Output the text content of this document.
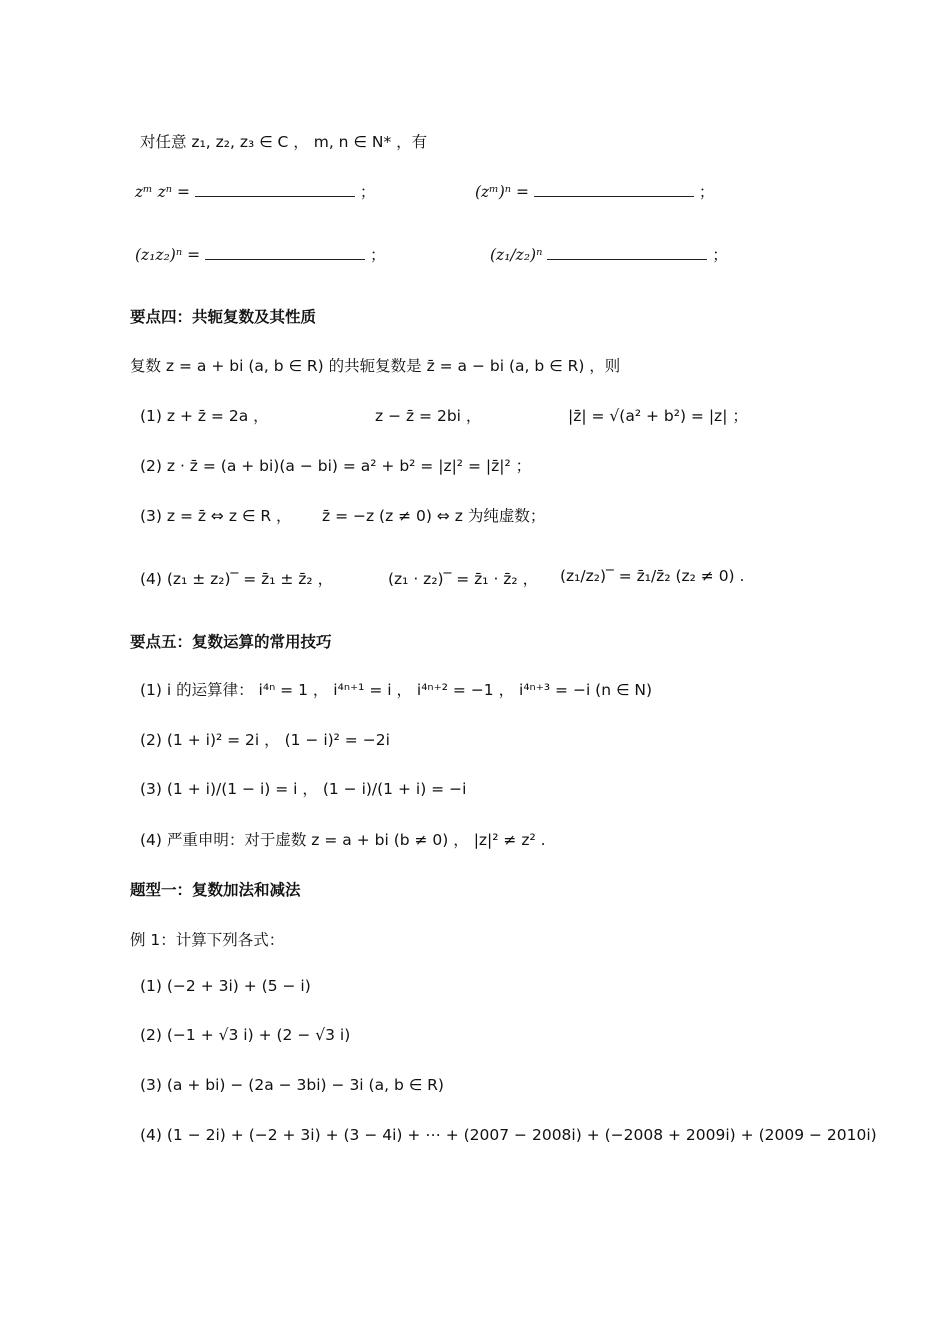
对任意 z₁, z₂, z₃ ∈ C ， m, n ∈ N* ，有
zᵐ zⁿ =	；	(zᵐ)ⁿ =	；
(z₁z₂)ⁿ =	；	(z₁/z₂)ⁿ	；
要点四：共轭复数及其性质
复数 z = a + bi (a, b ∈ R) 的共轭复数是 z̄ = a − bi (a, b ∈ R) ，则
(1) z + z̄ = 2a ，	z − z̄ = 2bi ，	|z̄| = √(a² + b²) = |z| ；
(2) z · z̄ = (a + bi)(a − bi) = a² + b² = |z|² = |z̄|² ；
(3) z = z̄ ⇔ z ∈ R ， z̄ = −z (z ≠ 0) ⇔ z 为纯虚数；
(4) (z₁ ± z₂)‾ = z̄₁ ± z̄₂ ，	(z₁ · z₂)‾ = z̄₁ · z̄₂ ， (z₁/z₂)‾ = z̄₁/z̄₂ (z₂ ≠ 0) .
要点五：复数运算的常用技巧
(1) i 的运算律： i⁴ⁿ = 1 ， i⁴ⁿ⁺¹ = i ， i⁴ⁿ⁺² = −1 ， i⁴ⁿ⁺³ = −i (n ∈ N)
(2) (1 + i)² = 2i ， (1 − i)² = −2i
(3) (1 + i)/(1 − i) = i ， (1 − i)/(1 + i) = −i
(4) 严重申明：对于虚数 z = a + bi (b ≠ 0) ， |z|² ≠ z² .
题型一：复数加法和减法
例 1：计算下列各式：
(1) (−2 + 3i) + (5 − i)
(2) (−1 + √3 i) + (2 − √3 i)
(3) (a + bi) − (2a − 3bi) − 3i (a, b ∈ R)
(4) (1 − 2i) + (−2 + 3i) + (3 − 4i) + ⋯ + (2007 − 2008i) + (−2008 + 2009i) + (2009 − 2010i)
